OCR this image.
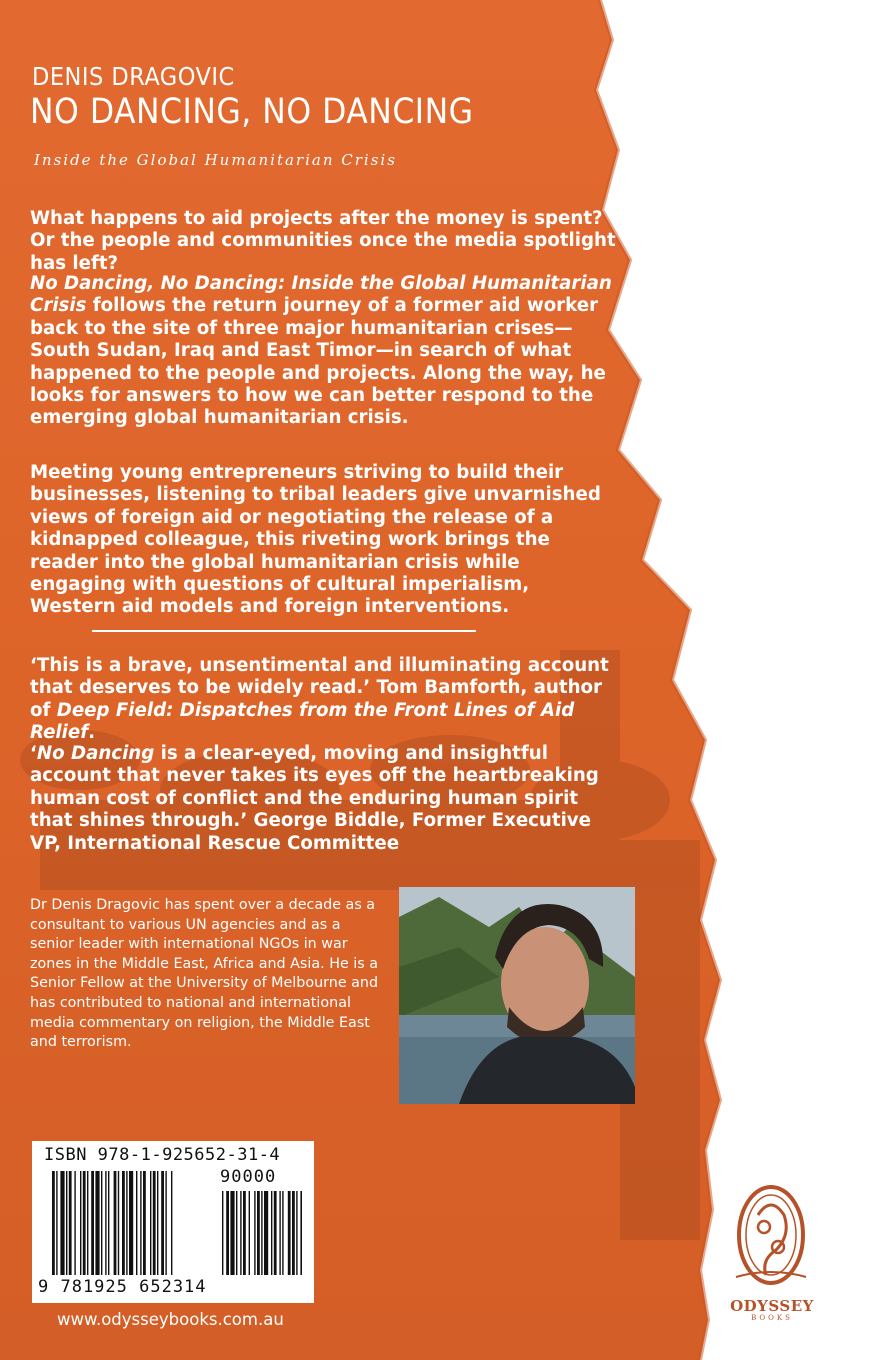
DENIS DRAGOVIC
NO DANCING, NO DANCING
Inside the Global Humanitarian Crisis
What happens to aid projects after the money is spent? Or the people and communities once the media spotlight has left?
No Dancing, No Dancing: Inside the Global Humanitarian Crisis follows the return journey of a former aid worker back to the site of three major humanitarian crises—South Sudan, Iraq and East Timor—in search of what happened to the people and projects. Along the way, he looks for answers to how we can better respond to the emerging global humanitarian crisis.
Meeting young entrepreneurs striving to build their businesses, listening to tribal leaders give unvarnished views of foreign aid or negotiating the release of a kidnapped colleague, this riveting work brings the reader into the global humanitarian crisis while engaging with questions of cultural imperialism, Western aid models and foreign interventions.
‘This is a brave, unsentimental and illuminating account that deserves to be widely read.’ Tom Bamforth, author of Deep Field: Dispatches from the Front Lines of Aid Relief.
‘No Dancing is a clear-eyed, moving and insightful account that never takes its eyes off the heartbreaking human cost of conflict and the enduring human spirit that shines through.’ George Biddle, Former Executive VP, International Rescue Committee
Dr Denis Dragovic has spent over a decade as a consultant to various UN agencies and as a senior leader with international NGOs in war zones in the Middle East, Africa and Asia. He is a Senior Fellow at the University of Melbourne and has contributed to national and international media commentary on religion, the Middle East and terrorism.
ISBN 978-1-925652-31-4
90000
9 781925 652314
www.odysseybooks.com.au
ODYSSEY
BOOKS
